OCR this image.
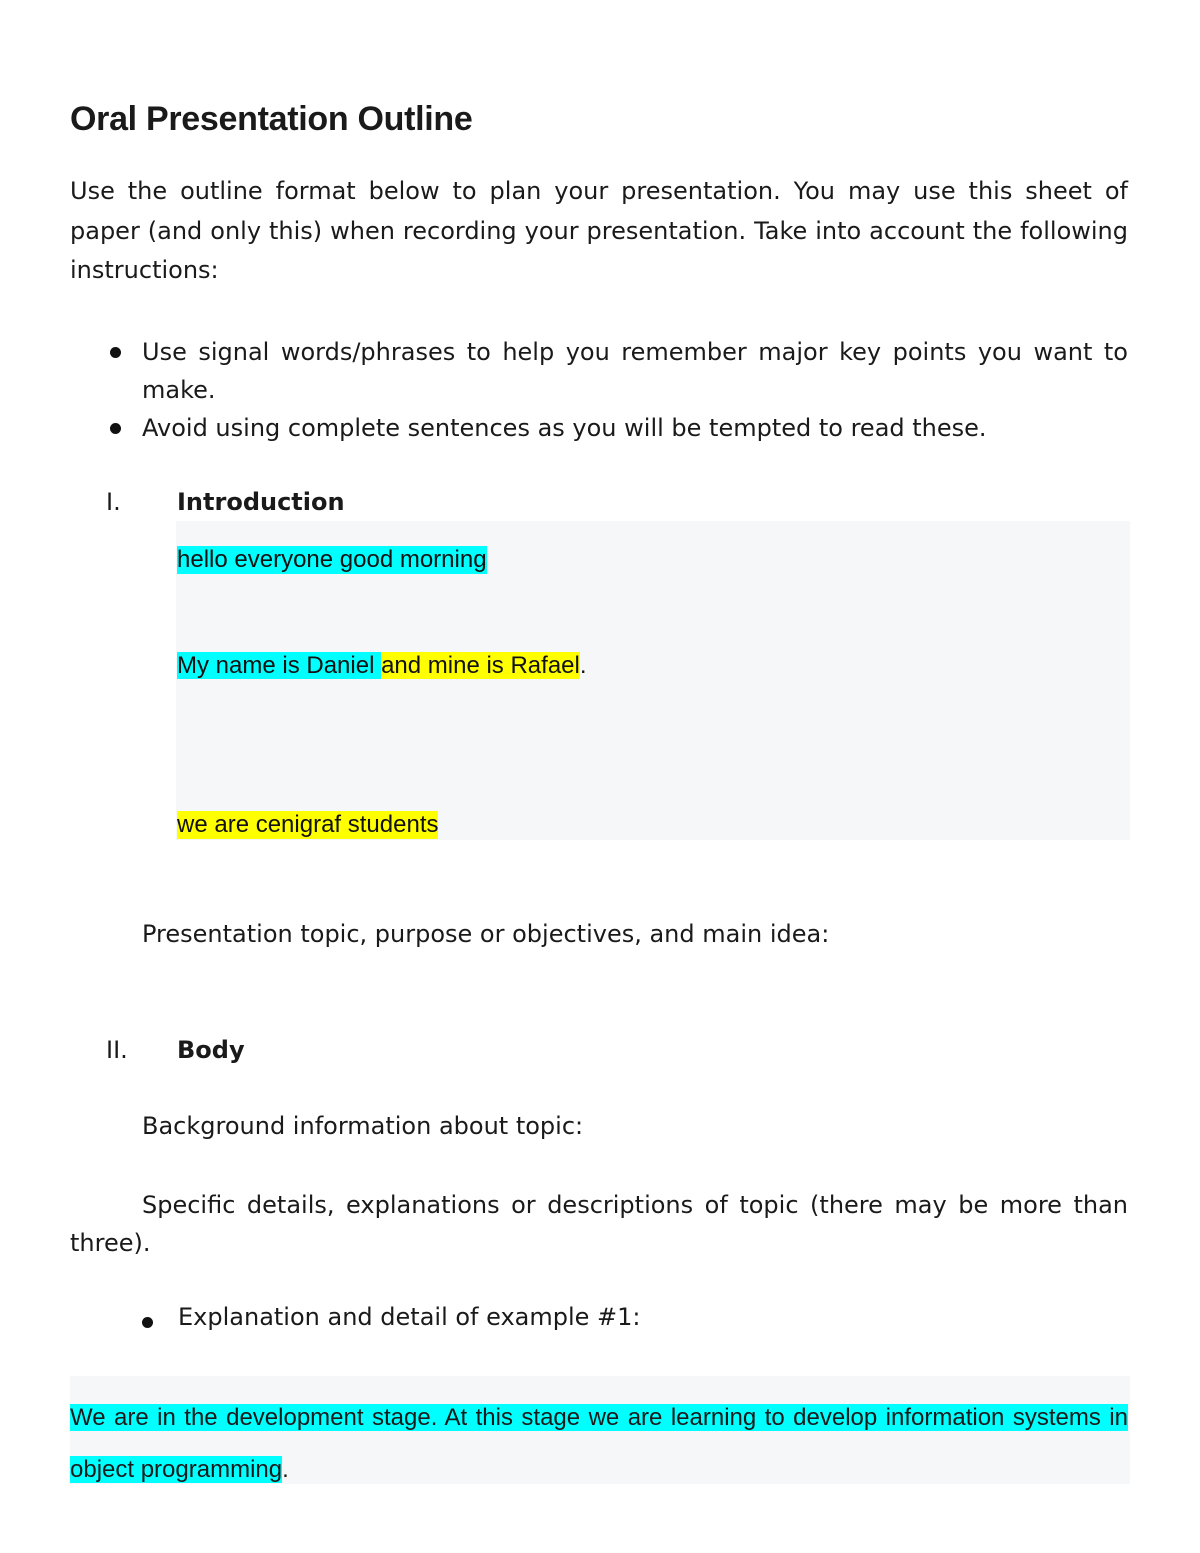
Oral Presentation Outline

Use the outline format below to plan your presentation. You may use this sheet of paper (and only this) when recording your presentation. Take into account the following instructions:

Use signal words/phrases to help you remember major key points you want to make.
Avoid using complete sentences as you will be tempted to read these.
I. Introduction
hello everyone good morning
My name is Daniel and mine is Rafael.
we are cenigraf students
Presentation topic, purpose or objectives, and main idea:
II. Body
Background information about topic:

Specific details, explanations or descriptions of topic (there may be more than three).

Explanation and detail of example #1:

We are in the development stage. At this stage we are learning to develop information systems in object programming.
